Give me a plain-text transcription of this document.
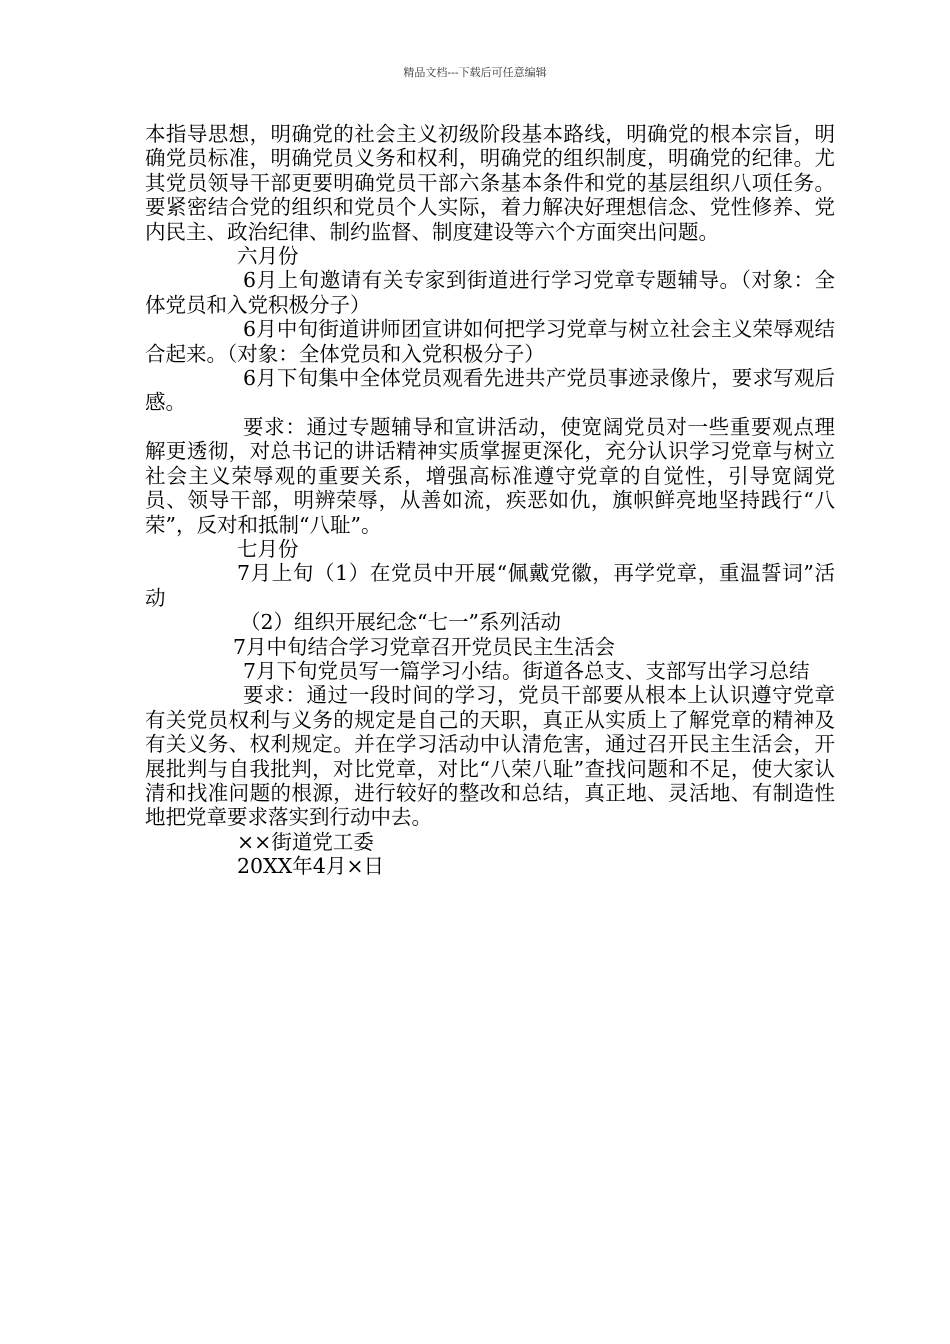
精品文档---下载后可任意编辑

本指导思想，明确党的社会主义初级阶段基本路线，明确党的根本宗旨，明确党员标准，明确党员义务和权利，明确党的组织制度，明确党的纪律。尤其党员领导干部更要明确党员干部六条基本条件和党的基层组织八项任务。要紧密结合党的组织和党员个人实际，着力解决好理想信念、党性修养、党内民主、政治纪律、制约监督、制度建设等六个方面突出问题。

六月份

6月上旬邀请有关专家到街道进行学习党章专题辅导。（对象：全体党员和入党积极分子）

6月中旬街道讲师团宣讲如何把学习党章与树立社会主义荣辱观结合起来。（对象：全体党员和入党积极分子）

6月下旬集中全体党员观看先进共产党员事迹录像片，要求写观后感。

要求：通过专题辅导和宣讲活动，使宽阔党员对一些重要观点理解更透彻，对总书记的讲话精神实质掌握更深化，充分认识学习党章与树立社会主义荣辱观的重要关系，增强高标准遵守党章的自觉性，引导宽阔党员、领导干部，明辨荣辱，从善如流，疾恶如仇，旗帜鲜亮地坚持践行“八荣”，反对和抵制“八耻”。

七月份

7月上旬（1）在党员中开展“佩戴党徽，再学党章，重温誓词”活动

（2）组织开展纪念“七一”系列活动

7月中旬结合学习党章召开党员民主生活会

7月下旬党员写一篇学习小结。街道各总支、支部写出学习总结

要求：通过一段时间的学习，党员干部要从根本上认识遵守党章有关党员权利与义务的规定是自己的天职，真正从实质上了解党章的精神及有关义务、权利规定。并在学习活动中认清危害，通过召开民主生活会，开展批判与自我批判，对比党章，对比“八荣八耻”查找问题和不足，使大家认清和找准问题的根源，进行较好的整改和总结，真正地、灵活地、有制造性地把党章要求落实到行动中去。

××街道党工委

20XX年4月×日
